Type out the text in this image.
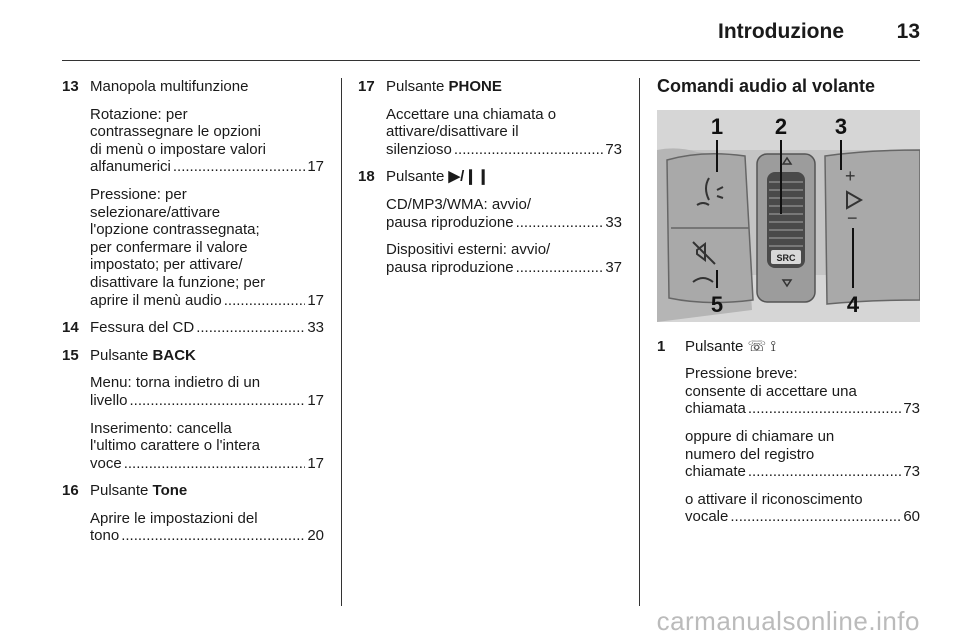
Introduzione	13
13 Manopola multifunzione
Rotazione: per
contrassegnare le opzioni
di menù o impostare valori
alfanumerici .....	17
Pressione: per
selezionare/attivare
l'opzione contrassegnata;
per confermare il valore
impostato; per attivare/
disattivare la funzione; per
aprire il menù audio .....	17
14 Fessura del CD .....	33
15 Pulsante BACK
Menu: torna indietro di un
livello .....	17
Inserimento: cancella
l'ultimo carattere o l'intera
voce .....	17
16 Pulsante Tone
Aprire le impostazioni del
tono .....	20
17 Pulsante PHONE
Accettare una chiamata o
attivare/disattivare il
silenzioso .....	73
18 Pulsante ▶/❙❙
CD/MP3/WMA: avvio/
pausa riproduzione .....	33
Dispositivi esterni: avvio/
pausa riproduzione .....	37
Comandi audio al volante
SRC
+
−
1 2 3
4
5
1 Pulsante ☏ ⟟
Pressione breve:
consente di accettare una
chiamata .....	73
oppure di chiamare un
numero del registro
chiamate .....	73
o attivare il riconoscimento
vocale .....	60
carmanualsonline.info
